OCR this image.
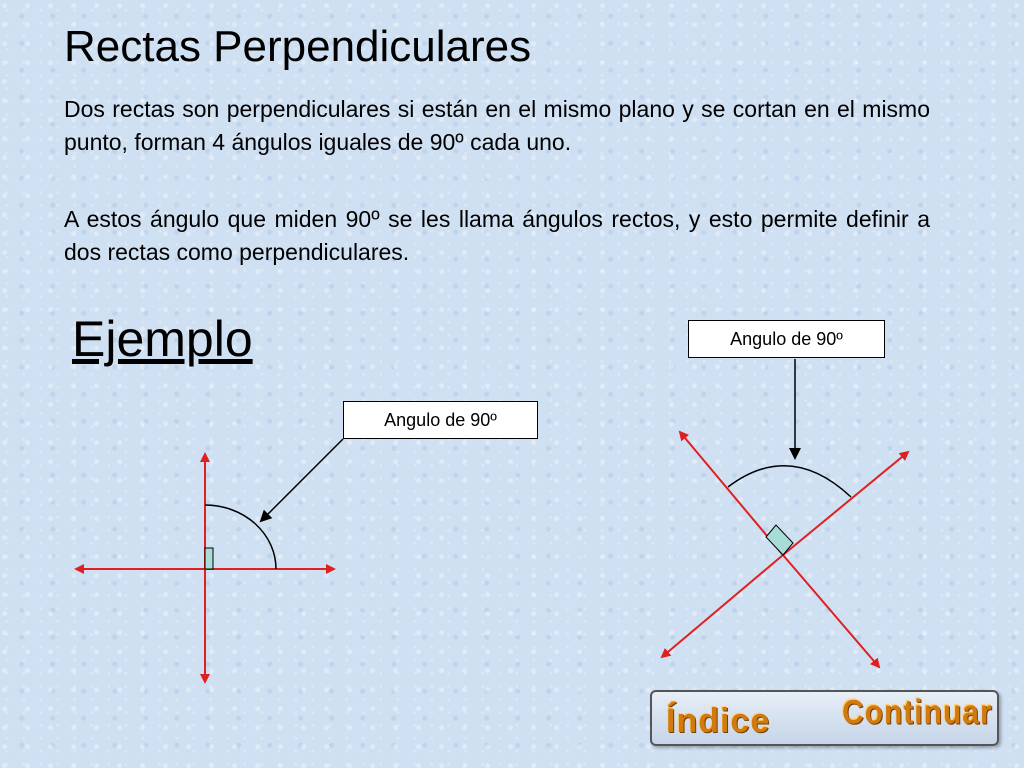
Rectas Perpendiculares

Dos rectas son perpendiculares si están en el mismo plano y se cortan en el mismo punto, forman 4 ángulos iguales de 90º cada uno.

A estos ángulo que miden 90º se les llama ángulos rectos, y esto permite definir a dos rectas como perpendiculares.

Ejemplo	Angulo de 90º
Angulo de 90º
Índice Continuar
